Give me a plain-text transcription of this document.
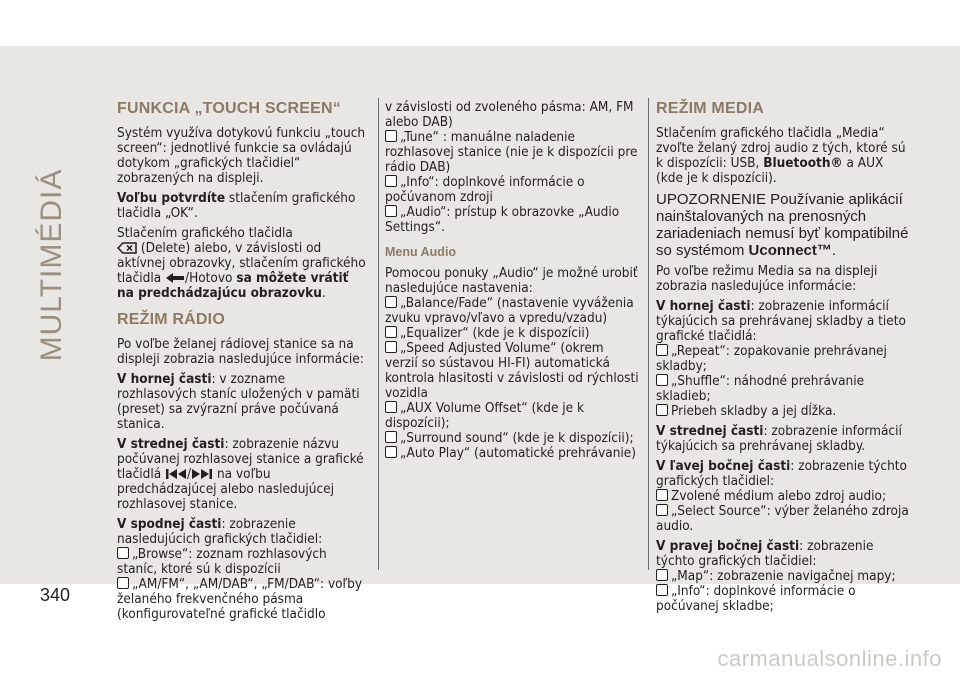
MULTIMÉDIÁ
FUNKCIA „TOUCH SCREEN“

Systém využíva dotykovú funkciu „touch screen“: jednotlivé funkcie sa ovládajú dotykom „grafických tlačidiel“ zobrazených na displeji.

Voľbu potvrdíte stlačením grafického tlačidla „OK“.

Stlačením grafického tlačidla
(Delete) alebo, v závislosti od aktívnej obrazovky, stlačením grafického tlačidla /Hotovo sa môžete vrátiť na predchádzajúcu obrazovku.

REŽIM RÁDIO

Po voľbe želanej rádiovej stanice sa na displeji zobrazia nasledujúce informácie:

V hornej časti: v zozname rozhlasových staníc uložených v pamäti (preset) sa zvýrazní práve počúvaná stanica.

V strednej časti: zobrazenie názvu počúvanej rozhlasovej stanice a grafické tlačidlá / na voľbu predchádzajúcej alebo nasledujúcej rozhlasovej stanice.

V spodnej časti: zobrazenie nasledujúcich grafických tlačidiel:
„Browse“: zoznam rozhlasových staníc, ktoré sú k dispozícii
„AM/FM“, „AM/DAB“, „FM/DAB“: voľby želaného frekvenčného pásma (konfigurovateľné grafické tlačidlo

v závislosti od zvoleného pásma: AM, FM alebo DAB)
„Tune“ : manuálne naladenie rozhlasovej stanice (nie je k dispozícii pre rádio DAB)
„Info“: doplnkové informácie o počúvanom zdroji
„Audio“: prístup k obrazovke „Audio Settings“.

Menu Audio

Pomocou ponuky „Audio“ je možné urobiť nasledujúce nastavenia:
„Balance/Fade“ (nastavenie vyváženia zvuku vpravo/vľavo a vpredu/vzadu)
„Equalizer“ (kde je k dispozícii)
„Speed Adjusted Volume“ (okrem verzií so sústavou HI-FI) automatická kontrola hlasitosti v závislosti od rýchlosti vozidla
„AUX Volume Offset“ (kde je k dispozícii);
„Surround sound“ (kde je k dispozícii);
„Auto Play“ (automatické prehrávanie)

REŽIM MEDIA

Stlačením grafického tlačidla „Media“ zvoľte želaný zdroj audio z tých, ktoré sú k dispozícii: USB, Bluetooth® a AUX (kde je k dispozícii).

UPOZORNENIE Používanie aplikácií nainštalovaných na prenosných zariadeniach nemusí byť kompatibilné so systémom Uconnect™.

Po voľbe režimu Media sa na displeji zobrazia nasledujúce informácie:

V hornej časti: zobrazenie informácií týkajúcich sa prehrávanej skladby a tieto grafické tlačidlá:
„Repeat“: zopakovanie prehrávanej skladby;
„Shuffle“: náhodné prehrávanie skladieb;
Priebeh skladby a jej dĺžka.

V strednej časti: zobrazenie informácií týkajúcich sa prehrávanej skladby.

V ľavej bočnej časti: zobrazenie týchto grafických tlačidiel:
Zvolené médium alebo zdroj audio;
„Select Source“: výber želaného zdroja audio.

V pravej bočnej časti: zobrazenie týchto grafických tlačidiel:
„Map“: zobrazenie navigačnej mapy;
„Info“: doplnkové informácie o počúvanej skladbe;

340
carmanualsonline.info
